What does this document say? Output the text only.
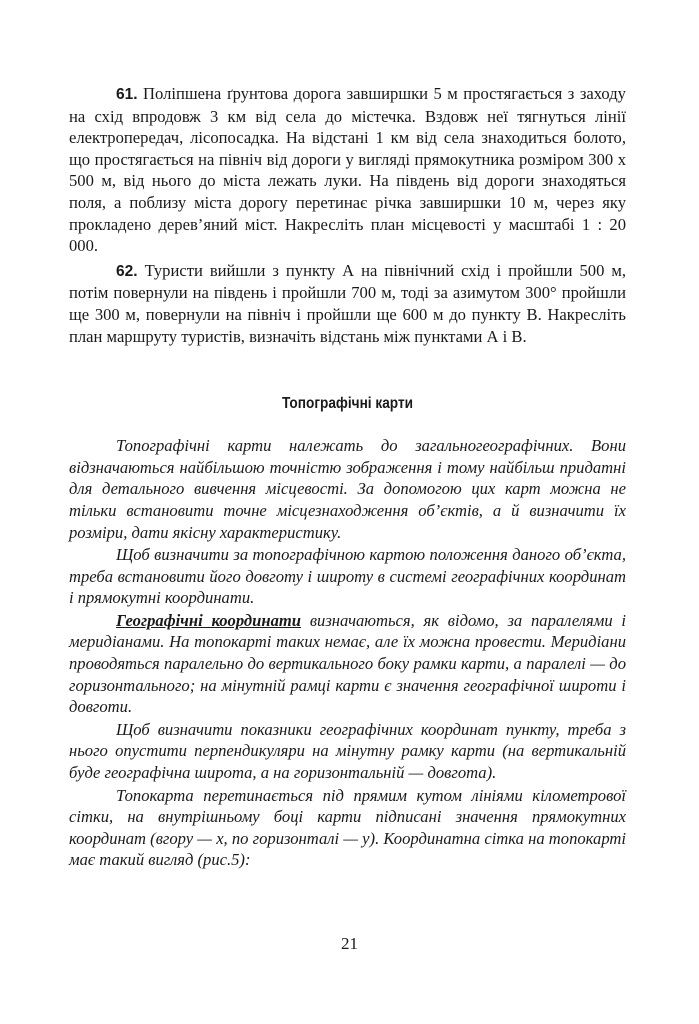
61. Поліпшена ґрунтова дорога завширшки 5 м простягається з заходу на схід впродовж 3 км від села до містечка. Вздовж неї тягнуться лінії електропередач, лісопосадка. На відстані 1 км від села знаходиться болото, що простягається на північ від дороги у вигляді прямокутника розміром 300 х 500 м, від нього до міста лежать луки. На південь від дороги знаходяться поля, а поблизу міста дорогу перетинає річка завширшки 10 м, через яку прокладено дерев’яний міст. Накресліть план місцевості у масштабі 1 : 20 000.

62. Туристи вийшли з пункту А на північний схід і пройшли 500 м, потім повернули на південь і пройшли 700 м, тоді за азимутом 300° пройшли ще 300 м, повернули на північ і пройшли ще 600 м до пункту В. Накресліть план маршруту туристів, визначіть відстань між пунктами А і В.

Топографічні карти

Топографічні карти належать до загальногеографічних. Вони відзначаються найбільшою точністю зображення і тому найбільш придатні для детального вивчення місцевості. За допомогою цих карт можна не тільки встановити точне місцезнаходження об’єктів, а й визначити їх розміри, дати якісну характеристику.

Щоб визначити за топографічною картою положення даного об’єкта, треба встановити його довготу і широту в системі географічних координат і прямокутні координати.

Географічні координати визначаються, як відомо, за паралелями і меридіанами. На топокарті таких немає, але їх можна провести. Меридіани проводяться паралельно до вертикального боку рамки карти, а паралелі — до горизонтального; на мінутній рамці карти є значення географічної широти і довготи.

Щоб визначити показники географічних координат пункту, треба з нього опустити перпендикуляри на мінутну рамку карти (на вертикальній буде географічна широта, а на горизонтальній — довгота).

Топокарта перетинається під прямим кутом лініями кілометрової сітки, на внутрішньому боці карти підписані значення прямокутних координат (вгору — х, по горизонталі — у). Координатна сітка на топокарті має такий вигляд (рис.5):

21
